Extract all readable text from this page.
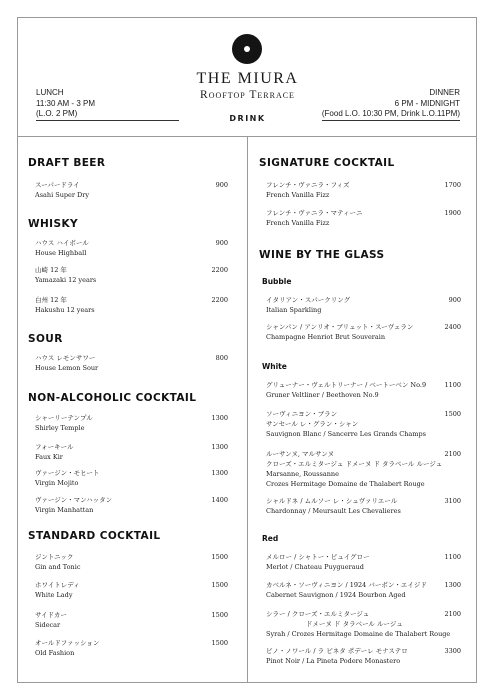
THE MIURA
Rooftop Terrace
DRINK
LUNCH
11:30 AM - 3 PM
(L.O. 2 PM)
DINNER
6 PM - MIDNIGHT
(Food L.O. 10:30 PM, Drink L.O.11PM)
DRAFT BEER
スーパードライ
Asahi Super Dry
900
WHISKY
ハウス ハイボール
House Highball
900
山崎 12 年
Yamazaki 12 years
2200
白州 12 年
Hakushu 12 years
2200
SOUR
ハウス レモンサワー
House Lemon Sour
800
NON-ALCOHOLIC COCKTAIL
シャーリーテンプル
Shirley Temple
1300
フォーキール
Faux Kir
1300
ヴァージン・モヒート
Virgin Mojito
1300
ヴァージン・マンハッタン
Virgin Manhattan
1400
STANDARD COCKTAIL
ジントニック
Gin and Tonic
1500
ホワイトレディ
White Lady
1500
サイドカー
Sidecar
1500
オールドファッション
Old Fashion
1500
SIGNATURE COCKTAIL
フレンチ・ヴァニラ・フィズ
French Vanilla Fizz
1700
フレンチ・ヴァニラ・マティーニ
French Vanilla Fizz
1900
WINE BY THE GLASS
Bubble
イタリアン・スパークリング
Italian Sparkling
900
シャンパン / アンリオ・ブリュット・スーヴェラン
Champagne Henriot Brut Souverain
2400
White
グリューナー・ヴェルトリーナー / ベートーベン No.9
Gruner Veltliner / Beethoven No.9
1100
ソーヴィニヨン・ブラン
サンセール レ・グラン・シャン
Sauvignon Blanc / Sancerre Les Grands Champs
1500
ルーサンヌ, マルサンヌ
クローズ・エルミタージュ ドメーヌ ド タラベール ルージュ
Marsanne, Roussanne
Crozes Hermitage Domaine de Thalabert Rouge
2100
シャルドネ / ムルソー レ・シュヴァリエール
Chardonnay / Meursault Les Chevalieres
3100
Red
メルロー / シャトー・ピュイグロー
Merlot / Chateau Puygueraud
1100
カベルネ・ソーヴィニヨン / 1924 バーボン・エイジド
Cabernet Sauvignon / 1924 Bourbon Aged
1300
シラー / クローズ・エルミタージュ
ドメーヌ ド タラベール ルージュ
Syrah / Crozes Hermitage Domaine de Thalabert Rouge
2100
ピノ・ノワール / ラ ピネタ ポデーレ モナステロ
Pinot Noir / La Pineta Podere Monastero
3300
